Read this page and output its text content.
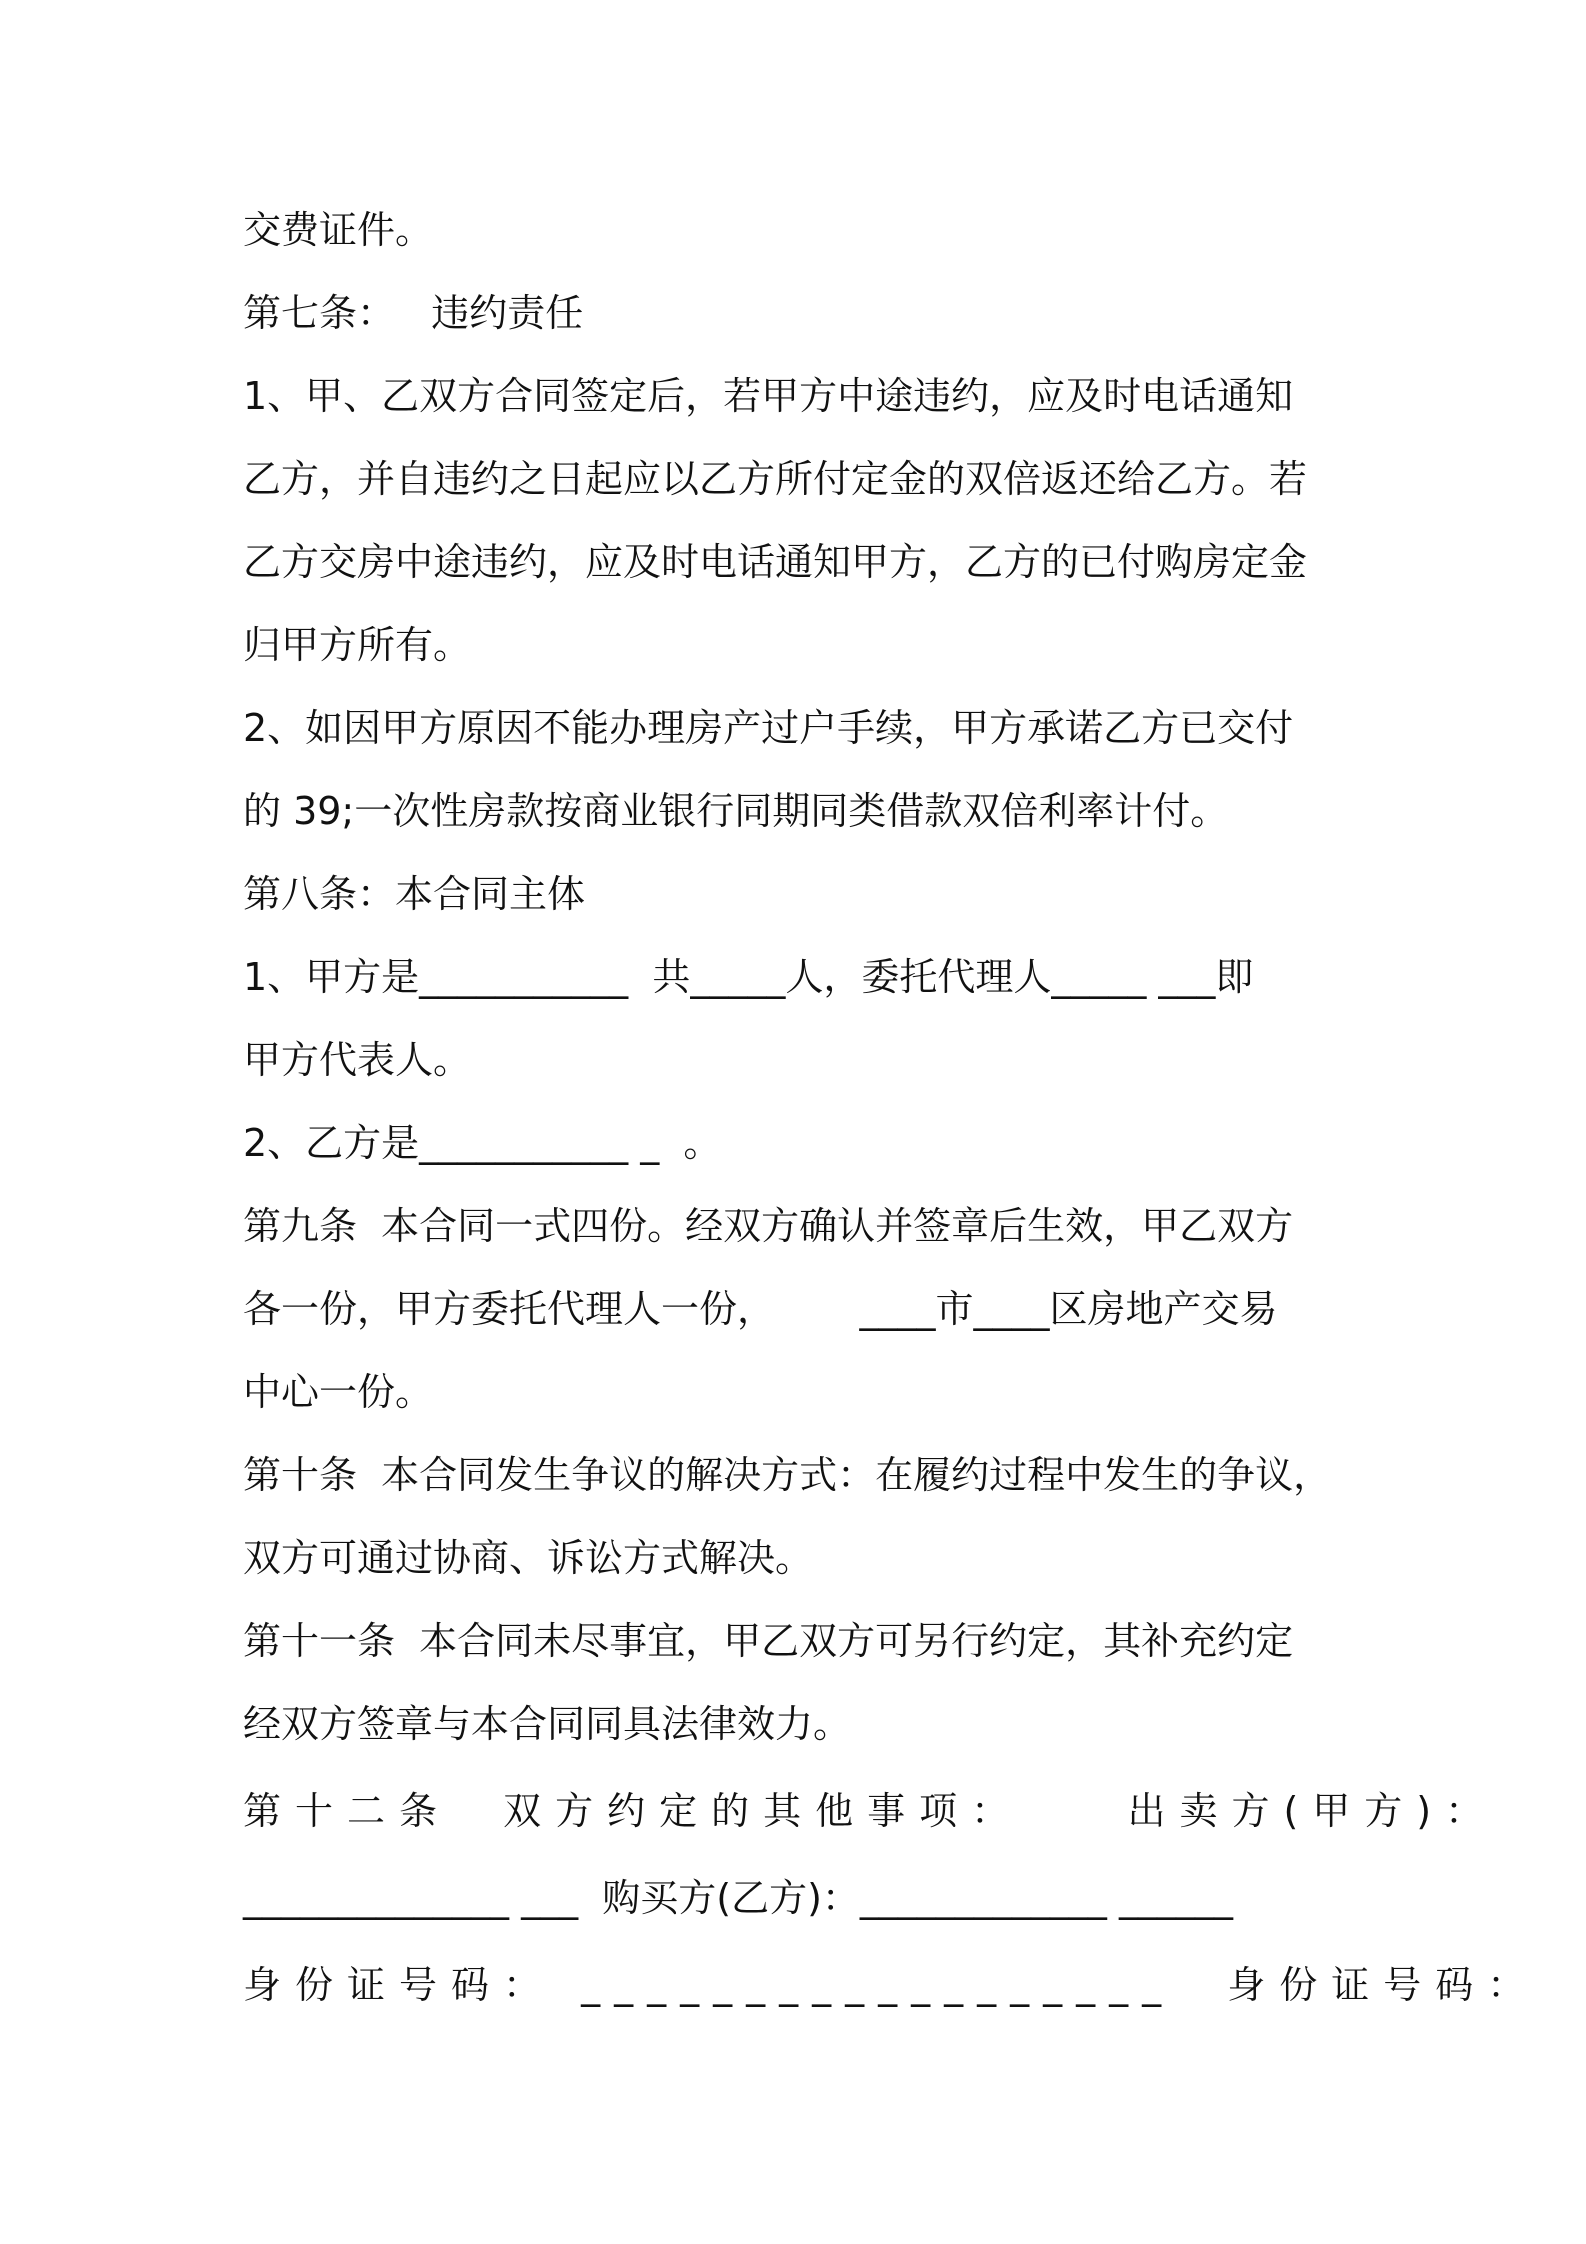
交费证件。
第七条：   违约责任
1、甲、乙双方合同签定后，若甲方中途违约，应及时电话通知
乙方，并自违约之日起应以乙方所付定金的双倍返还给乙方。若
乙方交房中途违约，应及时电话通知甲方，乙方的已付购房定金
归甲方所有。
2、如因甲方原因不能办理房产过户手续，甲方承诺乙方已交付
的 39;一次性房款按商业银行同期同类借款双倍利率计付。
第八条：本合同主体
1、甲方是___________  共_____人，委托代理人_____ ___即
甲方代表人。
2、乙方是___________ _  。
第九条  本合同一式四份。经双方确认并签章后生效，甲乙双方
各一份，甲方委托代理人一份，       ____市____区房地产交易
中心一份。
第十条  本合同发生争议的解决方式：在履约过程中发生的争议，
双方可通过协商、诉讼方式解决。
第十一条  本合同未尽事宜，甲乙双方可另行约定，其补充约定
经双方签章与本合同同具法律效力。
第十二条  双方约定的其他事项：    出卖方(甲方)：
______________ ___  购买方(乙方)：_____________ ______
身份证号码： __________________  身份证号码：
